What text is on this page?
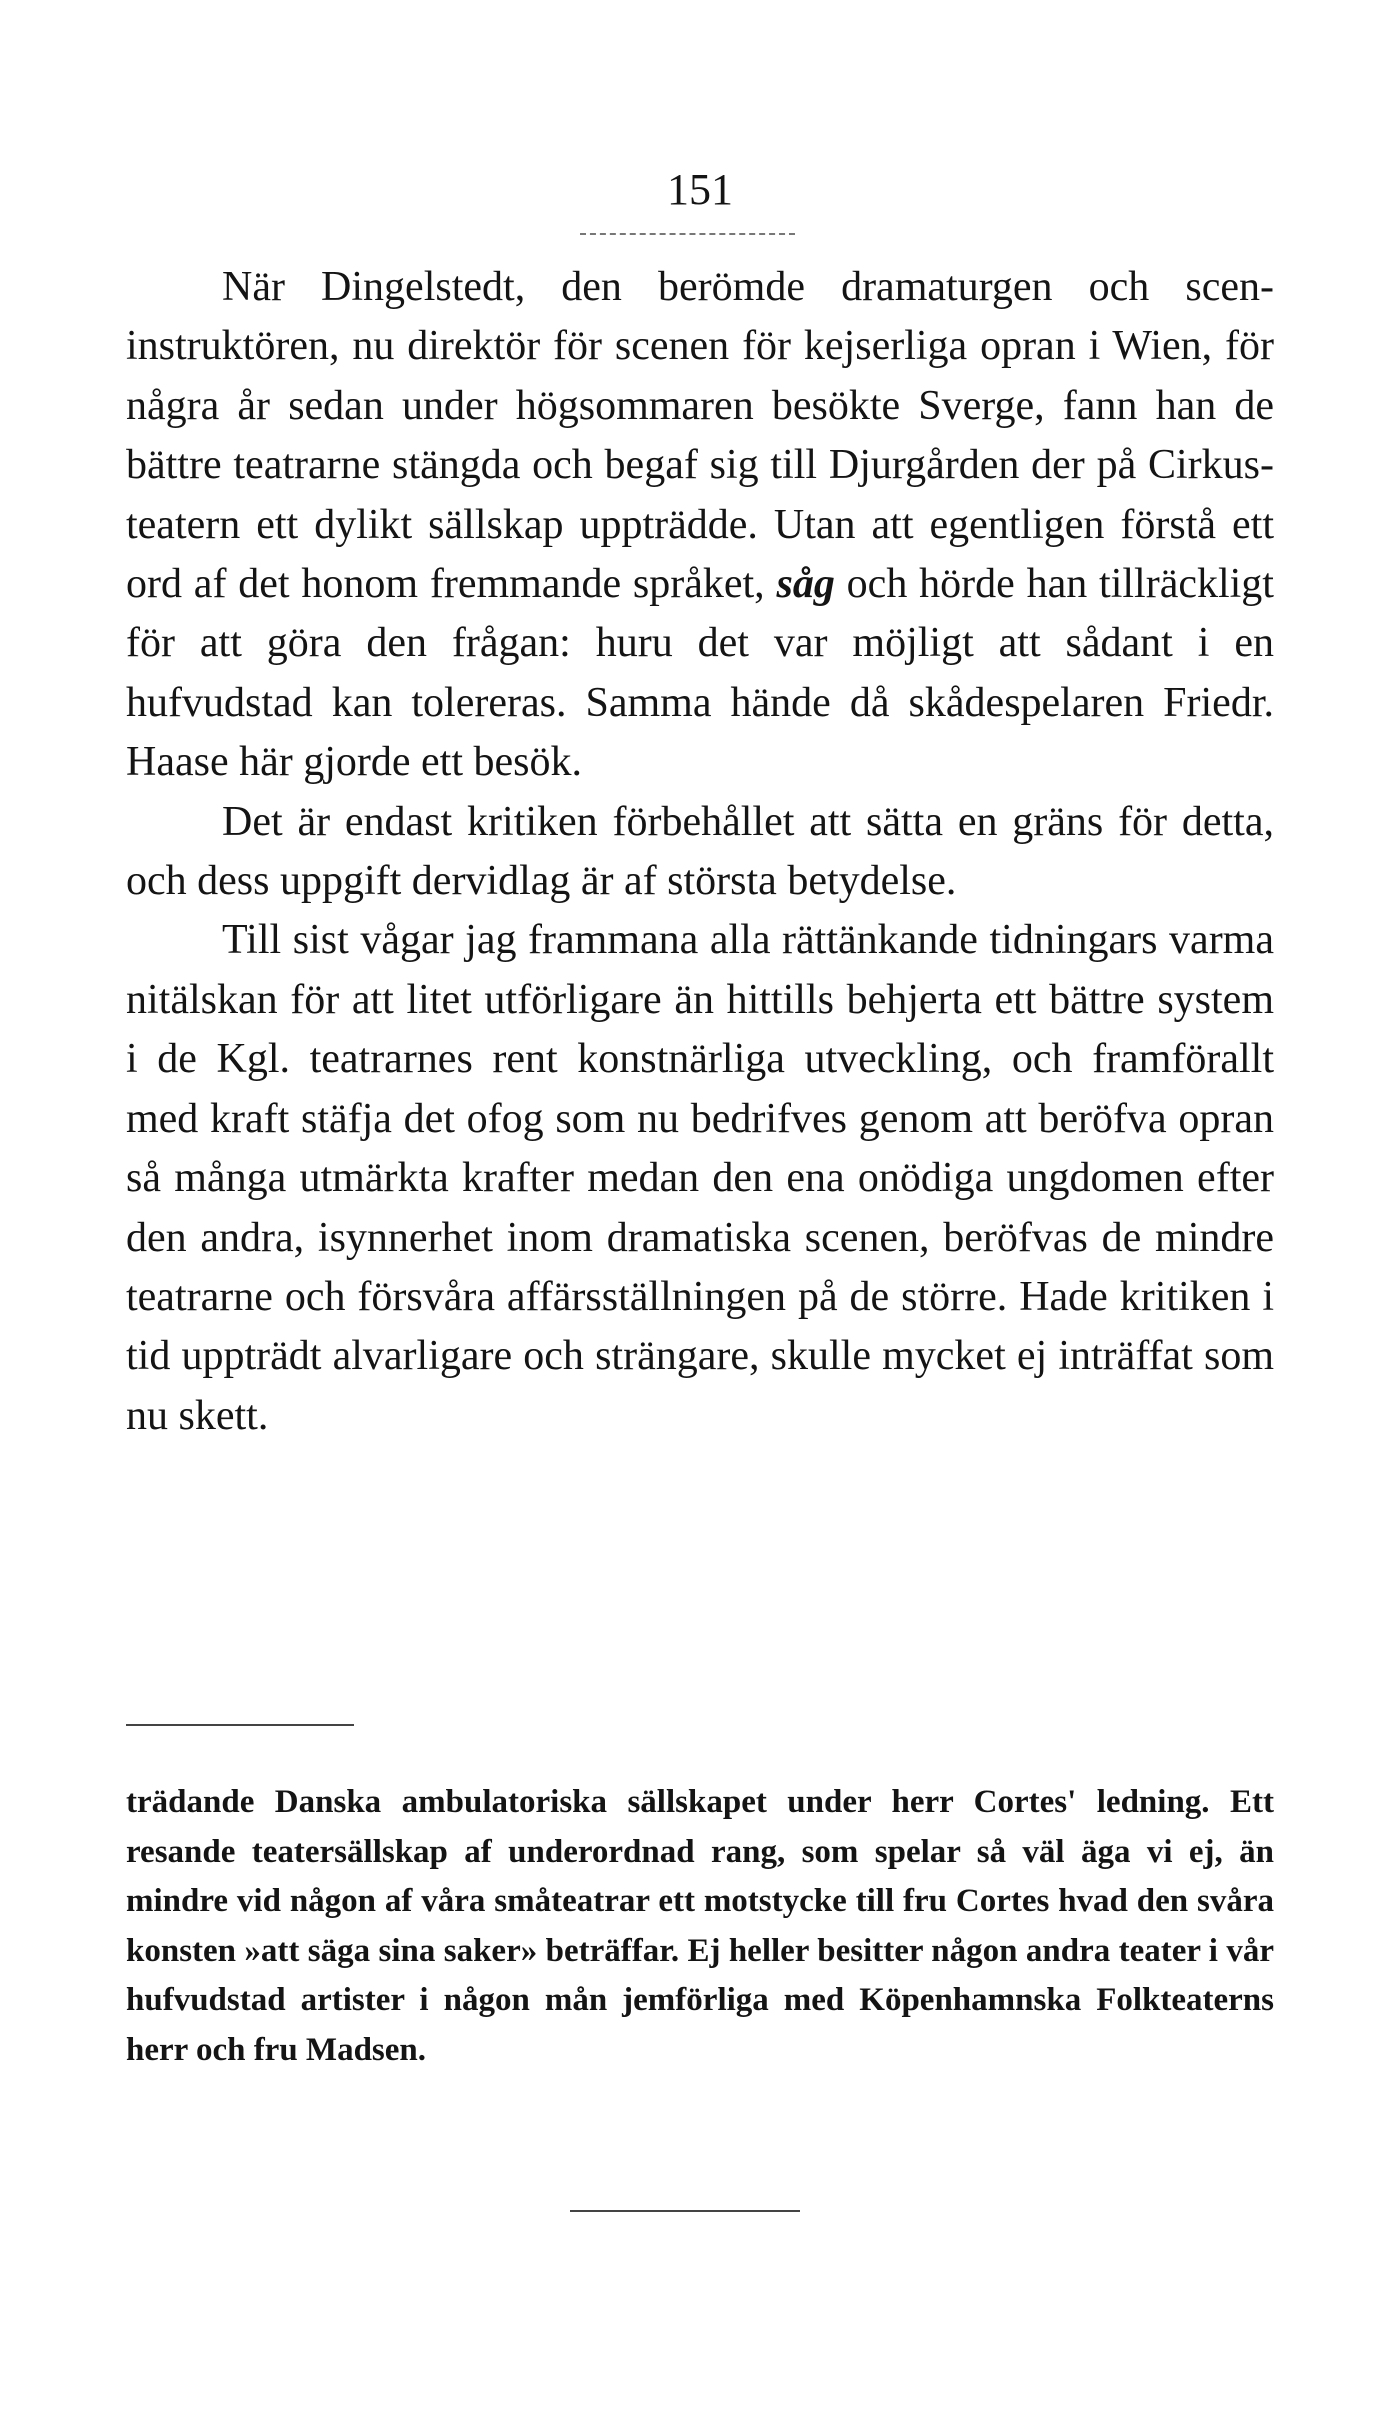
151

När Dingelstedt, den berömde dramaturgen och scen-instruktören, nu direktör för scenen för kejserliga opran i Wien, för några år sedan under högsommaren besökte Sverge, fann han de bättre teatrarne stängda och begaf sig till Djurgården der på Cirkus-teatern ett dylikt sällskap uppträdde. Utan att egentligen förstå ett ord af det honom fremmande språket, såg och hörde han tillräckligt för att göra den frågan: huru det var möjligt att sådant i en hufvudstad kan tolereras. Samma hände då skådespelaren Friedr. Haase här gjorde ett besök.

Det är endast kritiken förbehållet att sätta en gräns för detta, och dess uppgift dervidlag är af största betydelse.

Till sist vågar jag frammana alla rättänkande tidningars varma nitälskan för att litet utförligare än hittills behjerta ett bättre system i de Kgl. teatrarnes rent konstnärliga utveckling, och framförallt med kraft stäfja det ofog som nu bedrifves genom att beröfva opran så många utmärkta krafter medan den ena onödiga ungdomen efter den andra, isynnerhet inom dramatiska scenen, beröfvas de mindre teatrarne och försvåra affärsställningen på de större. Hade kritiken i tid uppträdt alvarligare och strängare, skulle mycket ej inträffat som nu skett.

trädande Danska ambulatoriska sällskapet under herr Cortes' ledning. Ett resande teatersällskap af underordnad rang, som spelar så väl äga vi ej, än mindre vid någon af våra småteatrar ett motstycke till fru Cortes hvad den svåra konsten »att säga sina saker» beträffar. Ej heller besitter någon andra teater i vår hufvudstad artister i någon mån jemförliga med Köpenhamnska Folkteaterns herr och fru Madsen.
